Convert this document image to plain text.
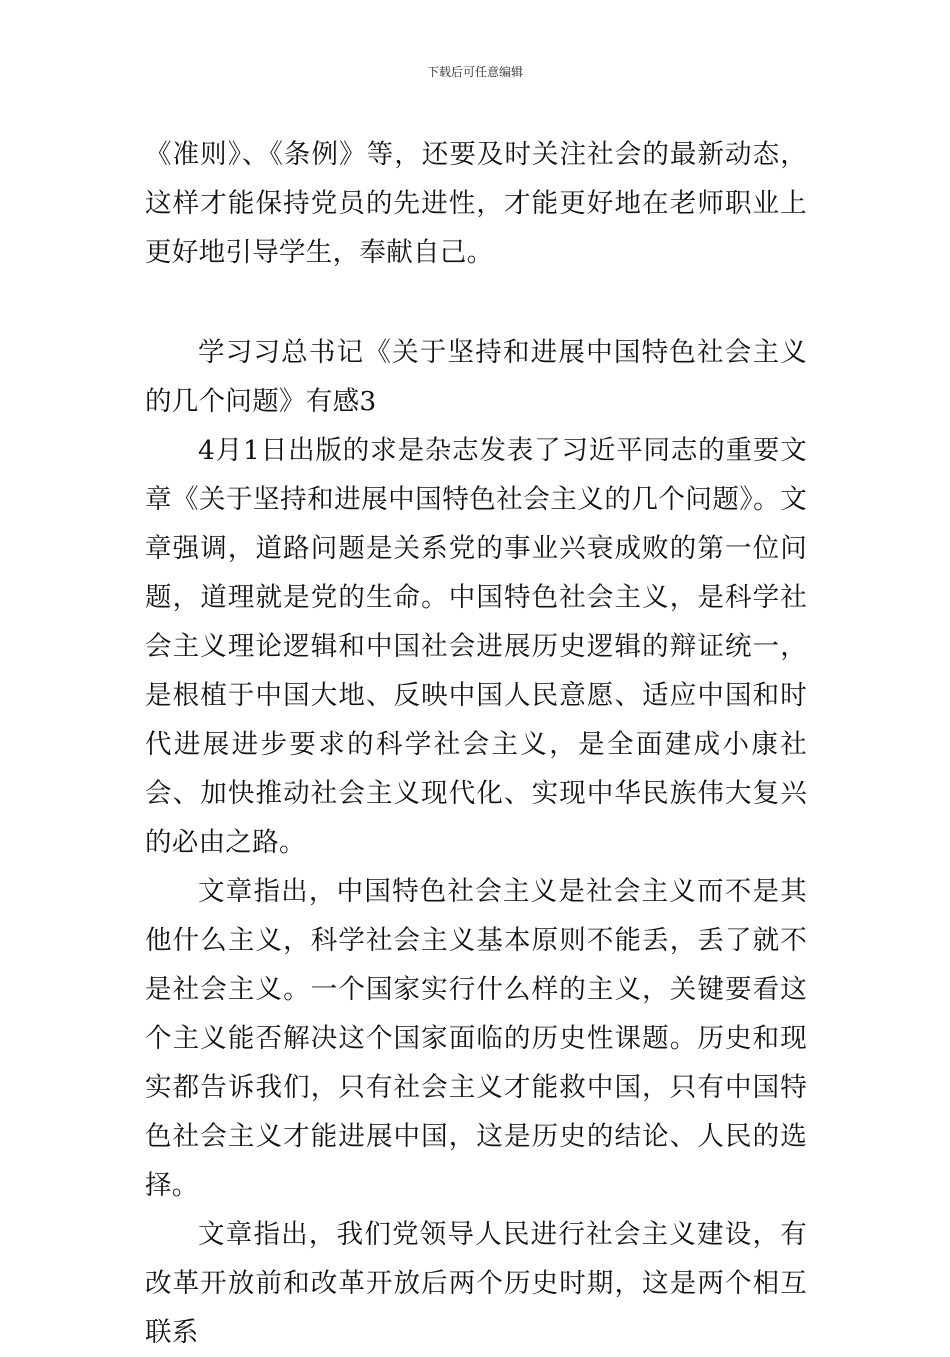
下载后可任意编辑

《准则》、《条例》等，还要及时关注社会的最新动态，这样才能保持党员的先进性，才能更好地在老师职业上更好地引导学生，奉献自己。

学习习总书记《关于坚持和进展中国特色社会主义的几个问题》有感3

4月1日出版的求是杂志发表了习近平同志的重要文章《关于坚持和进展中国特色社会主义的几个问题》。文章强调，道路问题是关系党的事业兴衰成败的第一位问题，道理就是党的生命。中国特色社会主义，是科学社会主义理论逻辑和中国社会进展历史逻辑的辩证统一，是根植于中国大地、反映中国人民意愿、适应中国和时代进展进步要求的科学社会主义，是全面建成小康社会、加快推动社会主义现代化、实现中华民族伟大复兴的必由之路。

文章指出，中国特色社会主义是社会主义而不是其他什么主义，科学社会主义基本原则不能丢，丢了就不是社会主义。一个国家实行什么样的主义，关键要看这个主义能否解决这个国家面临的历史性课题。历史和现实都告诉我们，只有社会主义才能救中国，只有中国特色社会主义才能进展中国，这是历史的结论、人民的选择。

文章指出，我们党领导人民进行社会主义建设，有改革开放前和改革开放后两个历史时期，这是两个相互联系
